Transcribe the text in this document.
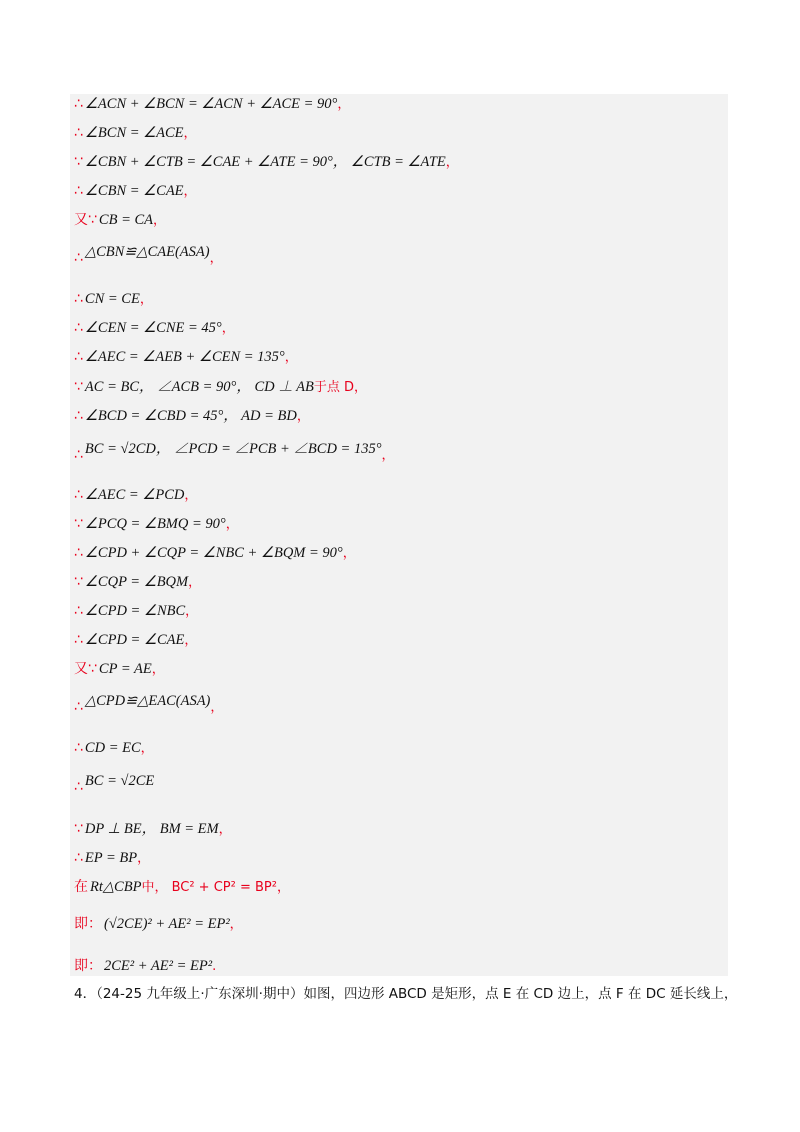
∴ ∠ACN + ∠BCN = ∠ACN + ∠ACE = 90° ，
∴ ∠BCN = ∠ACE ，
∵ ∠CBN + ∠CTB = ∠CAE + ∠ATE = 90°， ∠CTB = ∠ATE ，
∴ ∠CBN = ∠CAE ，
又∵ CB = CA ，
∴ △CBN≌△CAE(ASA) ，
∴ CN = CE ，
∴ ∠CEN = ∠CNE = 45° ，
∴ ∠AEC = ∠AEB + ∠CEN = 135° ，
∵ AC = BC， ∠ACB = 90°， CD ⊥ AB 于点 D，
∴ ∠BCD = ∠CBD = 45°， AD = BD ，
∴ BC = √2CD， ∠PCD = ∠PCB + ∠BCD = 135° ，
∴ ∠AEC = ∠PCD ，
∵ ∠PCQ = ∠BMQ = 90° ，
∴ ∠CPD + ∠CQP = ∠NBC + ∠BQM = 90° ，
∵ ∠CQP = ∠BQM ，
∴ ∠CPD = ∠NBC ，
∴ ∠CPD = ∠CAE ，
又∵ CP = AE ，
∴ △CPD≌△EAC(ASA) ，
∴ CD = EC ，
∴ BC = √2CE
∵ DP ⊥ BE， BM = EM ，
∴ EP = BP ，
在 Rt△CBP 中， BC² + CP² = BP²，
即： (√2CE)² + AE² = EP² ，
即： 2CE² + AE² = EP² .
4．（24-25 九年级上·广东深圳·期中）如图，四边形 ABCD 是矩形，点 E 在 CD 边上，点 F 在 DC 延长线上，
